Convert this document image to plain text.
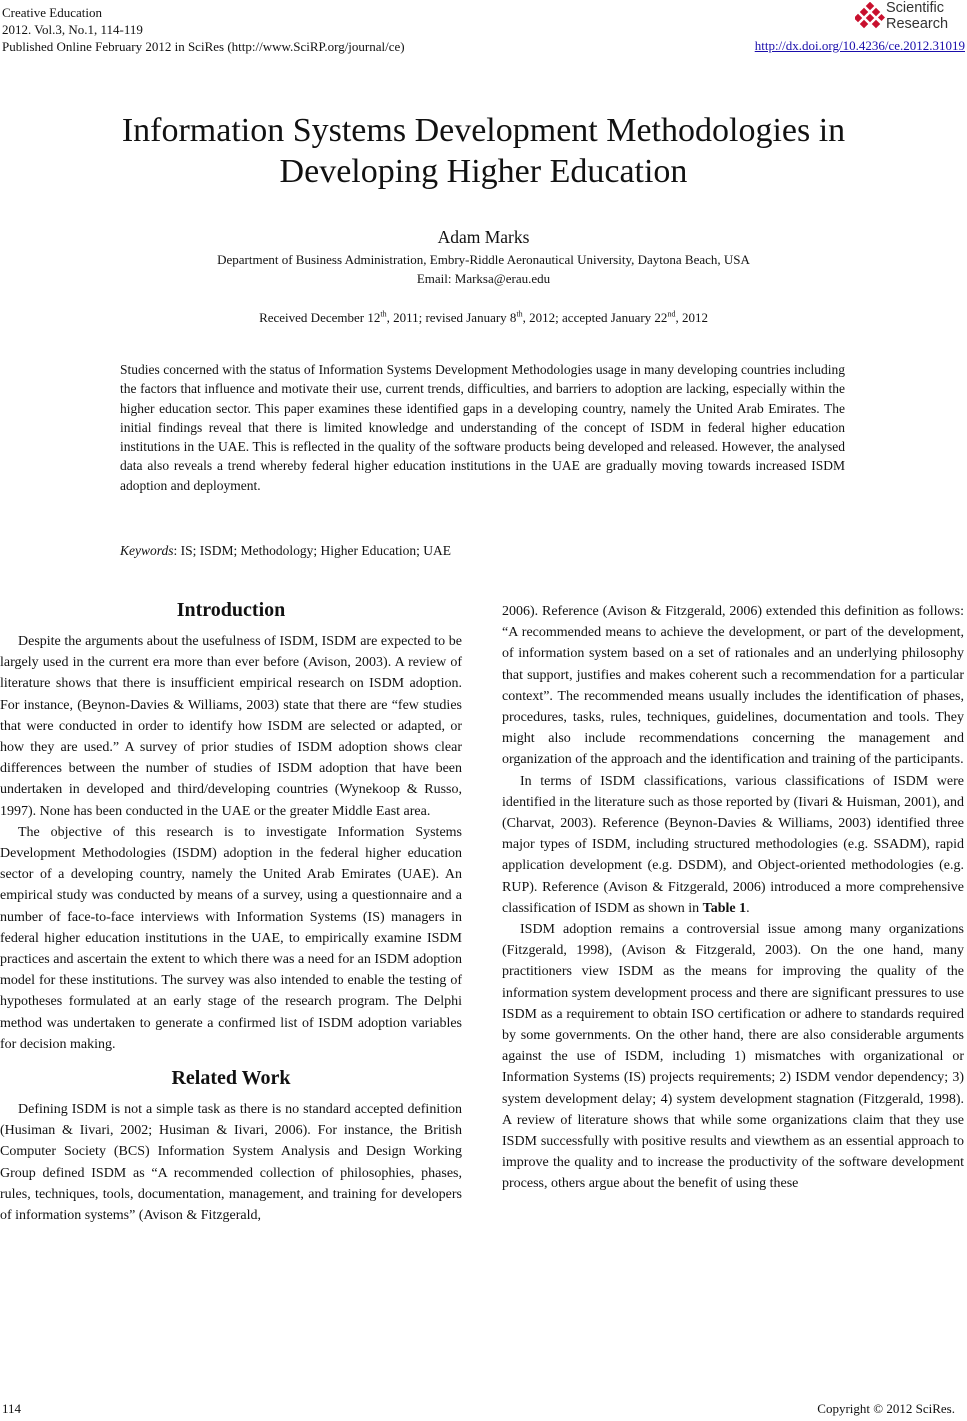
Creative Education
2012. Vol.3, No.1, 114-119
Published Online February 2012 in SciRes (http://www.SciRP.org/journal/ce)
Scientific
Research
http://dx.doi.org/10.4236/ce.2012.31019
Information Systems Development Methodologies in Developing Higher Education
Adam Marks
Department of Business Administration, Embry-Riddle Aeronautical University, Daytona Beach, USA
Email: Marksa@erau.edu
Received December 12th, 2011; revised January 8th, 2012; accepted January 22nd, 2012
Studies concerned with the status of Information Systems Development Methodologies usage in many developing countries including the factors that influence and motivate their use, current trends, difficulties, and barriers to adoption are lacking, especially within the higher education sector. This paper examines these identified gaps in a developing country, namely the United Arab Emirates. The initial findings reveal that there is limited knowledge and understanding of the concept of ISDM in federal higher education institutions in the UAE. This is reflected in the quality of the software products being developed and released. However, the analysed data also reveals a trend whereby federal higher education institutions in the UAE are gradually moving towards increased ISDM adoption and deployment.
Keywords: IS; ISDM; Methodology; Higher Education; UAE
Introduction

Despite the arguments about the usefulness of ISDM, ISDM are expected to be largely used in the current era more than ever before (Avison, 2003). A review of literature shows that there is insufficient empirical research on ISDM adoption. For instance, (Beynon-Davies & Williams, 2003) state that there are “few studies that were conducted in order to identify how ISDM are selected or adapted, or how they are used.” A survey of prior studies of ISDM adoption shows clear differences between the number of studies of ISDM adoption that have been undertaken in developed and third/developing countries (Wynekoop & Russo, 1997). None has been conducted in the UAE or the greater Middle East area.

The objective of this research is to investigate Information Systems Development Methodologies (ISDM) adoption in the federal higher education sector of a developing country, namely the United Arab Emirates (UAE). An empirical study was conducted by means of a survey, using a questionnaire and a number of face-to-face interviews with Information Systems (IS) managers in federal higher education institutions in the UAE, to empirically examine ISDM practices and ascertain the extent to which there was a need for an ISDM adoption model for these institutions. The survey was also intended to enable the testing of hypotheses formulated at an early stage of the research program. The Delphi method was undertaken to generate a confirmed list of ISDM adoption variables for decision making.

Related Work

Defining ISDM is not a simple task as there is no standard accepted definition (Husiman & Iivari, 2002; Husiman & Iivari, 2006). For instance, the British Computer Society (BCS) Information System Analysis and Design Working Group defined ISDM as “A recommended collection of philosophies, phases, rules, techniques, tools, documentation, management, and training for developers of information systems” (Avison & Fitzgerald,

2006). Reference (Avison & Fitzgerald, 2006) extended this definition as follows: “A recommended means to achieve the development, or part of the development, of information system based on a set of rationales and an underlying philosophy that support, justifies and makes coherent such a recommendation for a particular context”. The recommended means usually includes the identification of phases, procedures, tasks, rules, techniques, guidelines, documentation and tools. They might also include recommendations concerning the management and organization of the approach and the identification and training of the participants.

In terms of ISDM classifications, various classifications of ISDM were identified in the literature such as those reported by (Iivari & Huisman, 2001), and (Charvat, 2003). Reference (Beynon-Davies & Williams, 2003) identified three major types of ISDM, including structured methodologies (e.g. SSADM), rapid application development (e.g. DSDM), and Object-oriented methodologies (e.g. RUP). Reference (Avison & Fitzgerald, 2006) introduced a more comprehensive classification of ISDM as shown in Table 1.

ISDM adoption remains a controversial issue among many organizations (Fitzgerald, 1998), (Avison & Fitzgerald, 2003). On the one hand, many practitioners view ISDM as the means for improving the quality of the information system development process and there are significant pressures to use ISDM as a requirement to obtain ISO certification or adhere to standards required by some governments. On the other hand, there are also considerable arguments against the use of ISDM, including 1) mismatches with organizational or Information Systems (IS) projects requirements; 2) ISDM vendor dependency; 3) system development delay; 4) system development stagnation (Fitzgerald, 1998). A review of literature shows that while some organizations claim that they use ISDM successfully with positive results and viewthem as an essential approach to improve the quality and to increase the productivity of the software development process, others argue about the benefit of using these

114	Copyright © 2012 SciRes.
